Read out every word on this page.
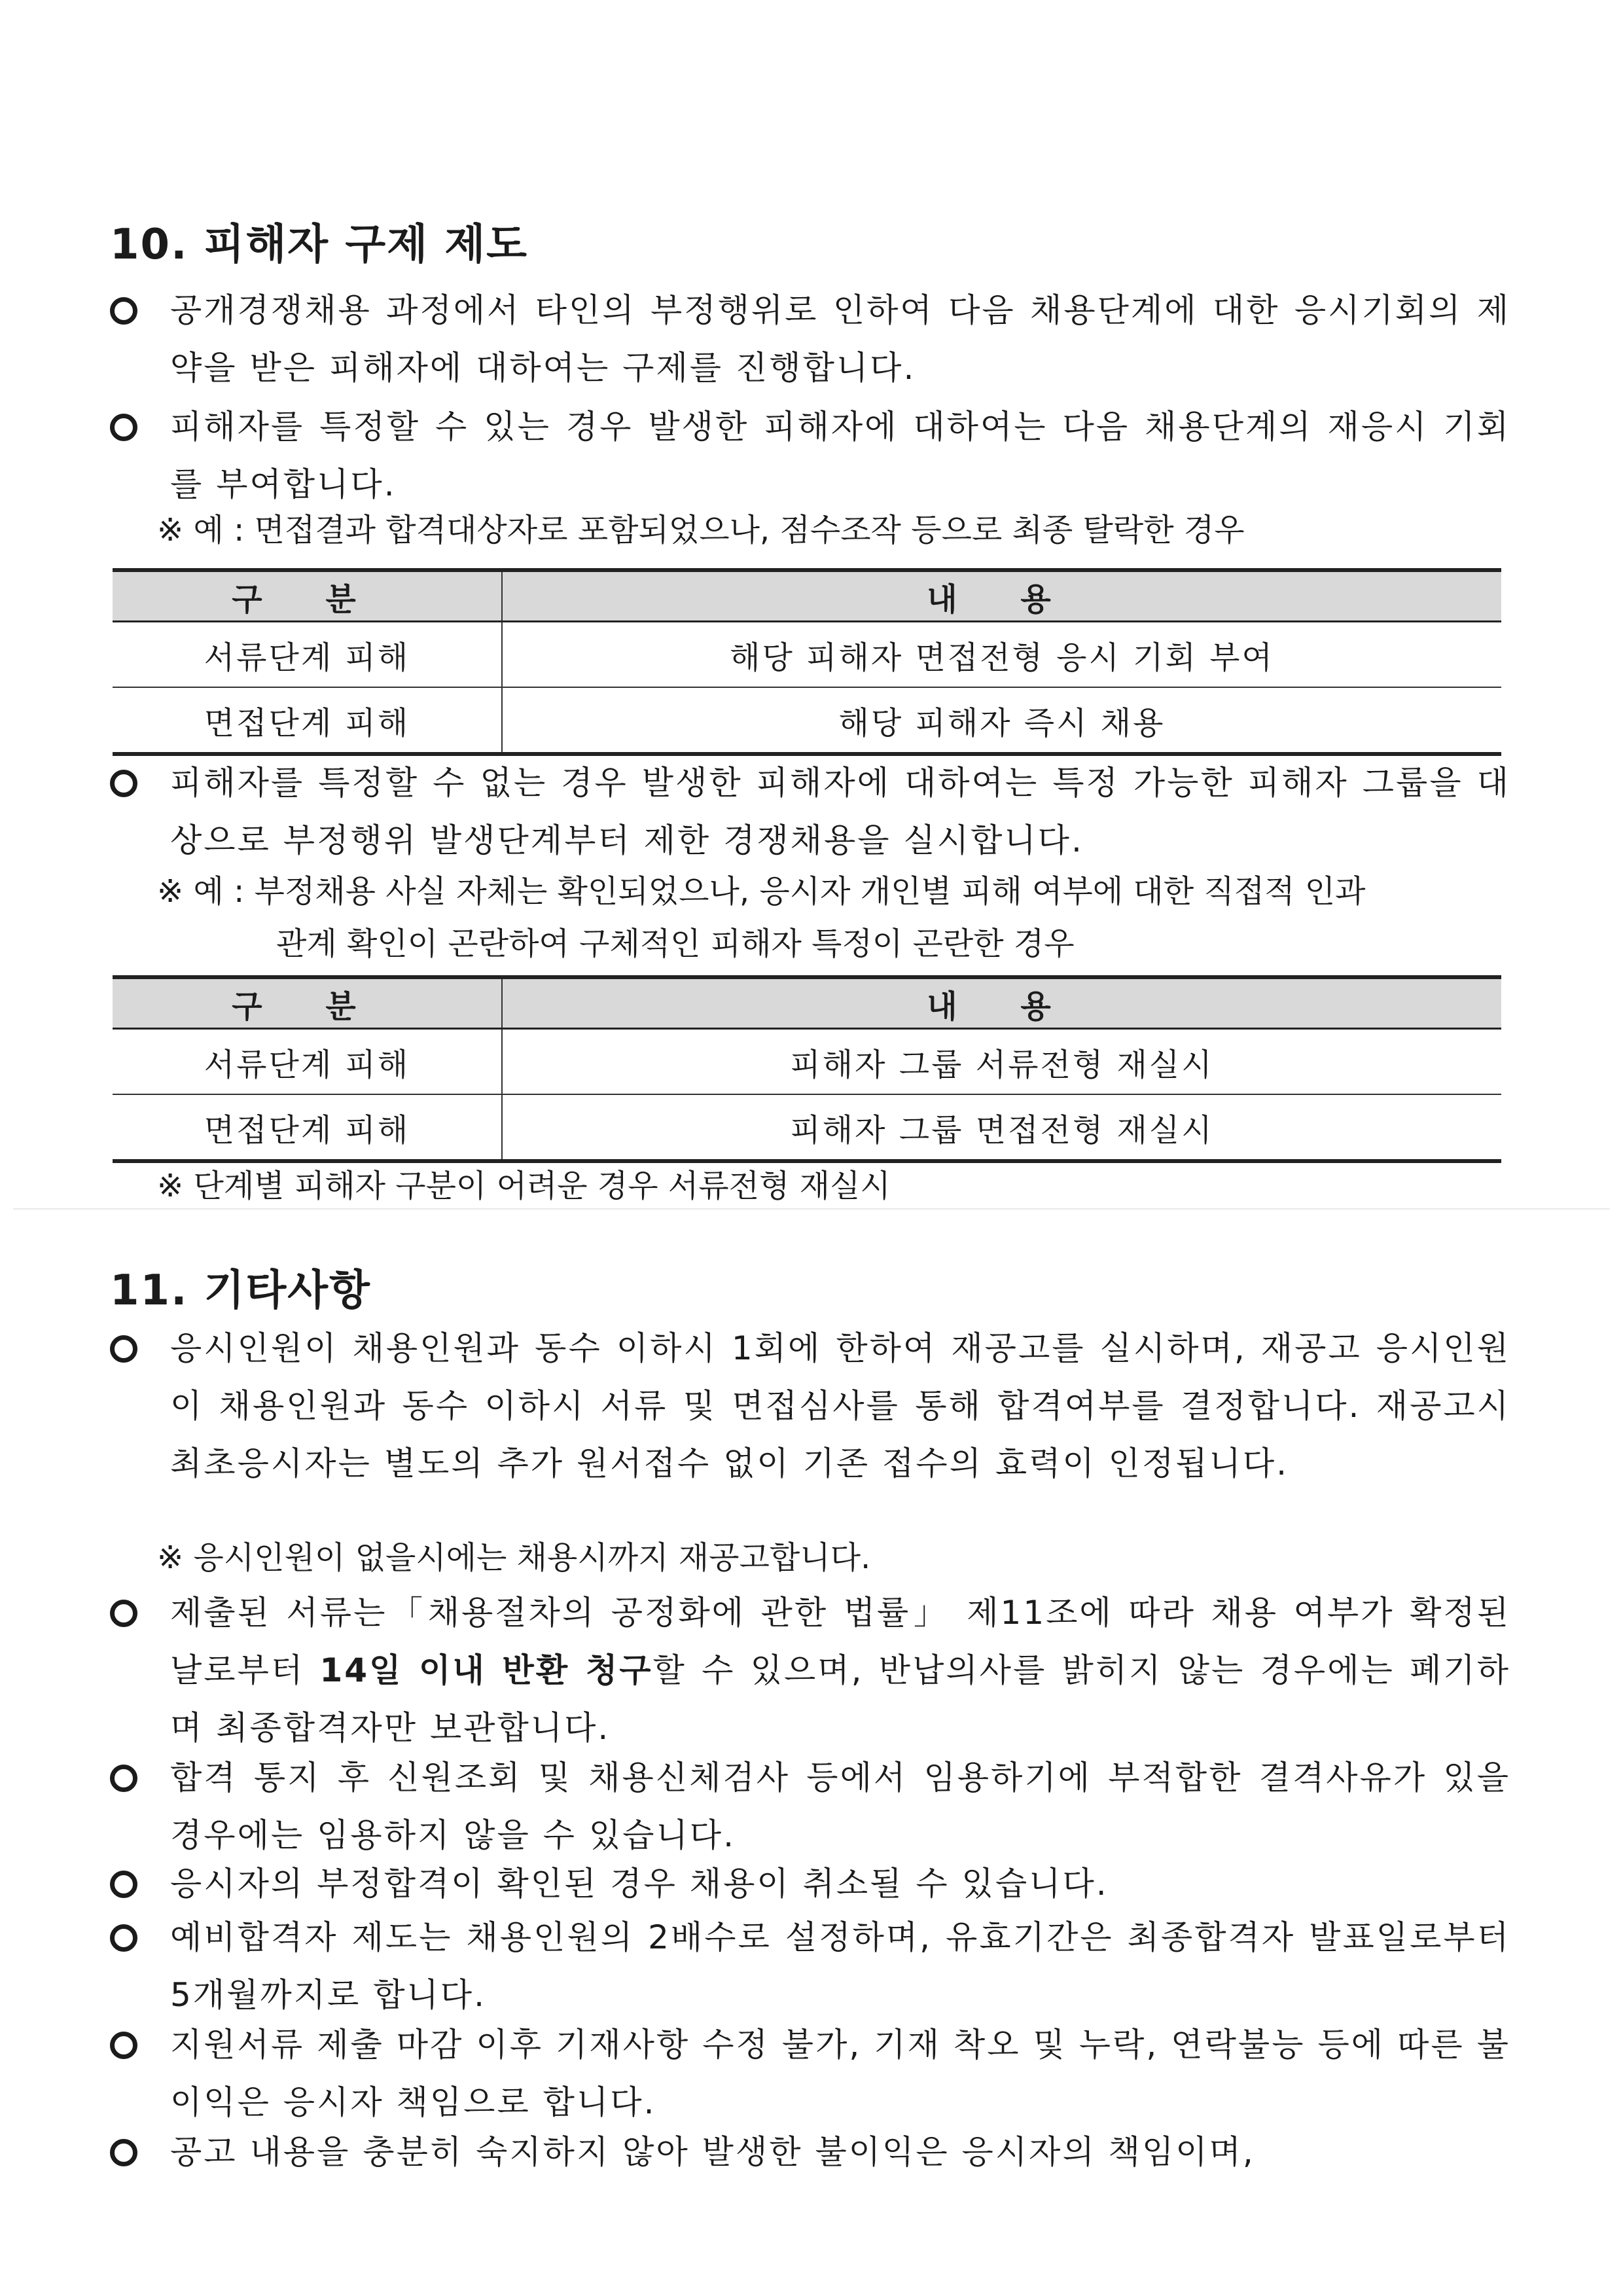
10. 피해자 구제 제도
공개경쟁채용 과정에서 타인의 부정행위로 인하여 다음 채용단계에 대한 응시기회의 제약을 받은 피해자에 대하여는 구제를 진행합니다.
피해자를 특정할 수 있는 경우 발생한 피해자에 대하여는 다음 채용단계의 재응시 기회를 부여합니다.
※ 예 : 면접결과 합격대상자로 포함되었으나, 점수조작 등으로 최종 탈락한 경우
구 분	내 용
서류단계 피해	해당 피해자 면접전형 응시 기회 부여
면접단계 피해	해당 피해자 즉시 채용
피해자를 특정할 수 없는 경우 발생한 피해자에 대하여는 특정 가능한 피해자 그룹을 대상으로 부정행위 발생단계부터 제한 경쟁채용을 실시합니다.
※ 예 : 부정채용 사실 자체는 확인되었으나, 응시자 개인별 피해 여부에 대한 직접적 인과
관계 확인이 곤란하여 구체적인 피해자 특정이 곤란한 경우
구 분	내 용
서류단계 피해	피해자 그룹 서류전형 재실시
면접단계 피해	피해자 그룹 면접전형 재실시
※ 단계별 피해자 구분이 어려운 경우 서류전형 재실시
11. 기타사항
응시인원이 채용인원과 동수 이하시 1회에 한하여 재공고를 실시하며, 재공고 응시인원이 채용인원과 동수 이하시 서류 및 면접심사를 통해 합격여부를 결정합니다. 재공고시 최초응시자는 별도의 추가 원서접수 없이 기존 접수의 효력이 인정됩니다.
※ 응시인원이 없을시에는 채용시까지 재공고합니다.
제출된 서류는「채용절차의 공정화에 관한 법률」 제11조에 따라 채용 여부가 확정된 날로부터 14일 이내 반환 청구할 수 있으며, 반납의사를 밝히지 않는 경우에는 폐기하며 최종합격자만 보관합니다.
합격 통지 후 신원조회 및 채용신체검사 등에서 임용하기에 부적합한 결격사유가 있을 경우에는 임용하지 않을 수 있습니다.
응시자의 부정합격이 확인된 경우 채용이 취소될 수 있습니다.
예비합격자 제도는 채용인원의 2배수로 설정하며, 유효기간은 최종합격자 발표일로부터 5개월까지로 합니다.
지원서류 제출 마감 이후 기재사항 수정 불가, 기재 착오 및 누락, 연락불능 등에 따른 불이익은 응시자 책임으로 합니다.
공고 내용을 충분히 숙지하지 않아 발생한 불이익은 응시자의 책임이며,
